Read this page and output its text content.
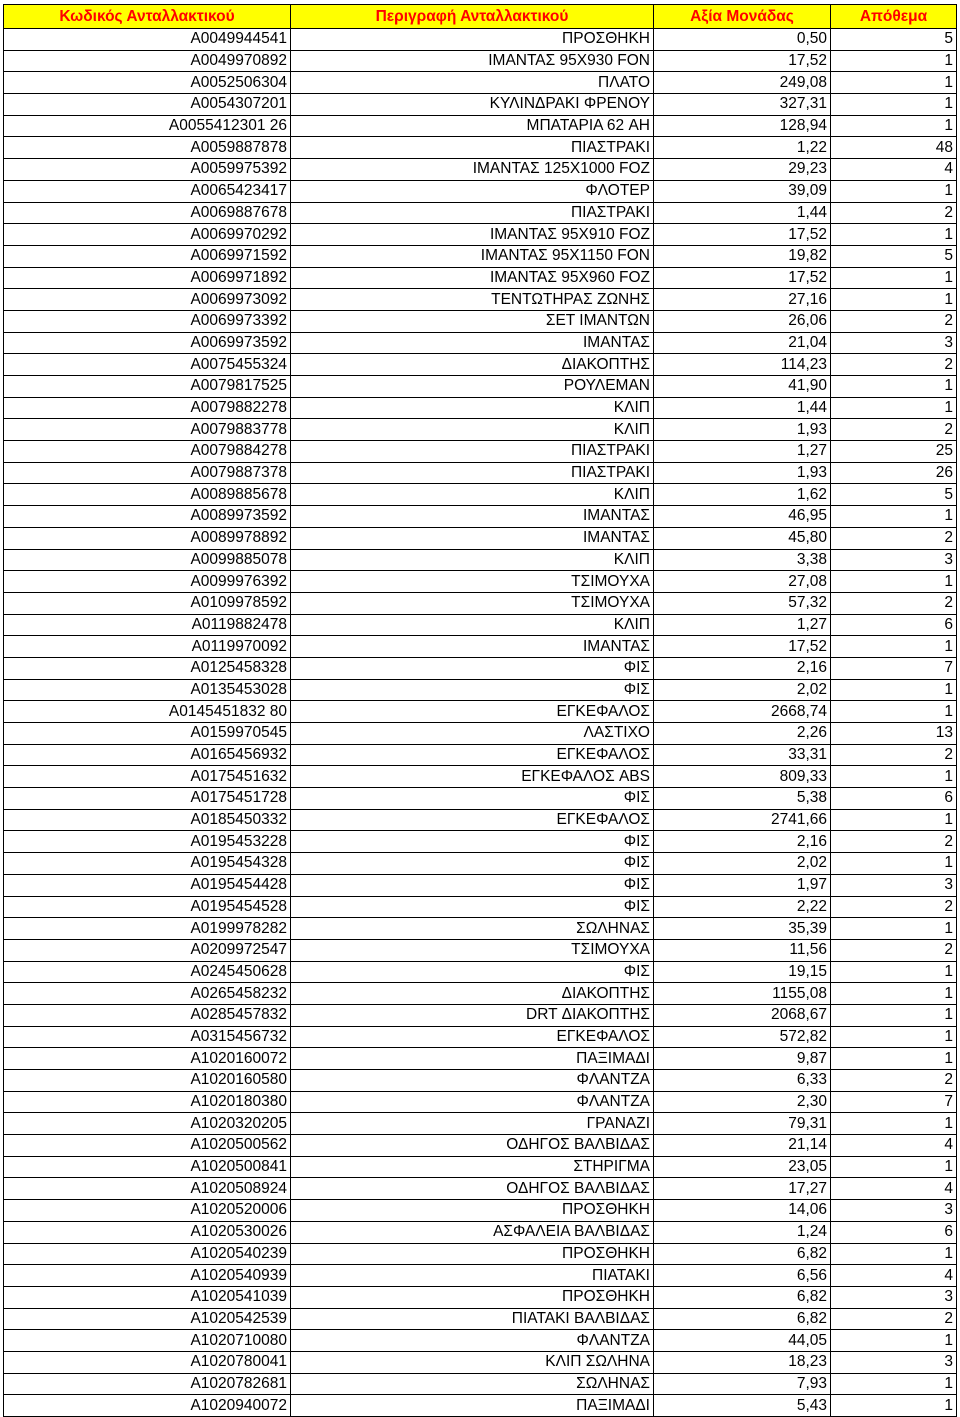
Κωδικός Ανταλλακτικού	Περιγραφή Ανταλλακτικού	Αξία Μονάδας	Απόθεμα
A0049944541	ΠΡΟΣΘΗΚΗ	0,50	5
A0049970892	ΙΜΑΝΤΑΣ 95X930 FON	17,52	1
A0052506304	ΠΛΑΤΟ	249,08	1
A0054307201	ΚΥΛΙΝΔΡΑΚΙ ΦΡΕΝΟΥ	327,31	1
A0055412301 26	ΜΠΑΤΑΡΙΑ 62 AH	128,94	1
A0059887878	ΠΙΑΣΤΡΑΚΙ	1,22	48
A0059975392	ΙΜΑΝΤΑΣ 125X1000 FOZ	29,23	4
A0065423417	ΦΛΟΤΕΡ	39,09	1
A0069887678	ΠΙΑΣΤΡΑΚΙ	1,44	2
A0069970292	ΙΜΑΝΤΑΣ 95X910 FOZ	17,52	1
A0069971592	ΙΜΑΝΤΑΣ 95X1150 FON	19,82	5
A0069971892	ΙΜΑΝΤΑΣ 95X960 FOZ	17,52	1
A0069973092	ΤΕΝΤΩΤΗΡΑΣ ΖΩΝΗΣ	27,16	1
A0069973392	ΣΕΤ ΙΜΑΝΤΩΝ	26,06	2
A0069973592	ΙΜΑΝΤΑΣ	21,04	3
A0075455324	ΔΙΑΚΟΠΤΗΣ	114,23	2
A0079817525	ΡΟΥΛΕΜΑΝ	41,90	1
A0079882278	ΚΛΙΠ	1,44	1
A0079883778	ΚΛΙΠ	1,93	2
A0079884278	ΠΙΑΣΤΡΑΚΙ	1,27	25
A0079887378	ΠΙΑΣΤΡΑΚΙ	1,93	26
A0089885678	ΚΛΙΠ	1,62	5
A0089973592	ΙΜΑΝΤΑΣ	46,95	1
A0089978892	ΙΜΑΝΤΑΣ	45,80	2
A0099885078	ΚΛΙΠ	3,38	3
A0099976392	ΤΣΙΜΟΥΧΑ	27,08	1
A0109978592	ΤΣΙΜΟΥΧΑ	57,32	2
A0119882478	ΚΛΙΠ	1,27	6
A0119970092	ΙΜΑΝΤΑΣ	17,52	1
A0125458328	ΦΙΣ	2,16	7
A0135453028	ΦΙΣ	2,02	1
A0145451832 80	ΕΓΚΕΦΑΛΟΣ	2668,74	1
A0159970545	ΛΑΣΤΙΧΟ	2,26	13
A0165456932	ΕΓΚΕΦΑΛΟΣ	33,31	2
A0175451632	ΕΓΚΕΦΑΛΟΣ ABS	809,33	1
A0175451728	ΦΙΣ	5,38	6
A0185450332	ΕΓΚΕΦΑΛΟΣ	2741,66	1
A0195453228	ΦΙΣ	2,16	2
A0195454328	ΦΙΣ	2,02	1
A0195454428	ΦΙΣ	1,97	3
A0195454528	ΦΙΣ	2,22	2
A0199978282	ΣΩΛΗΝΑΣ	35,39	1
A0209972547	ΤΣΙΜΟΥΧΑ	11,56	2
A0245450628	ΦΙΣ	19,15	1
A0265458232	ΔΙΑΚΟΠΤΗΣ	1155,08	1
A0285457832	DRT ΔΙΑΚΟΠΤΗΣ	2068,67	1
A0315456732	ΕΓΚΕΦΑΛΟΣ	572,82	1
A1020160072	ΠΑΞΙΜΑΔΙ	9,87	1
A1020160580	ΦΛΑΝΤΖΑ	6,33	2
A1020180380	ΦΛΑΝΤΖΑ	2,30	7
A1020320205	ΓΡΑΝΑΖΙ	79,31	1
A1020500562	ΟΔΗΓΟΣ ΒΑΛΒΙΔΑΣ	21,14	4
A1020500841	ΣΤΗΡΙΓΜΑ	23,05	1
A1020508924	ΟΔΗΓΟΣ ΒΑΛΒΙΔΑΣ	17,27	4
A1020520006	ΠΡΟΣΘΗΚΗ	14,06	3
A1020530026	ΑΣΦΑΛΕΙΑ ΒΑΛΒΙΔΑΣ	1,24	6
A1020540239	ΠΡΟΣΘΗΚΗ	6,82	1
A1020540939	ΠΙΑΤΑΚΙ	6,56	4
A1020541039	ΠΡΟΣΘΗΚΗ	6,82	3
A1020542539	ΠΙΑΤΑΚΙ ΒΑΛΒΙΔΑΣ	6,82	2
A1020710080	ΦΛΑΝΤΖΑ	44,05	1
A1020780041	ΚΛΙΠ ΣΩΛΗΝΑ	18,23	3
A1020782681	ΣΩΛΗΝΑΣ	7,93	1
A1020940072	ΠΑΞΙΜΑΔΙ	5,43	1
